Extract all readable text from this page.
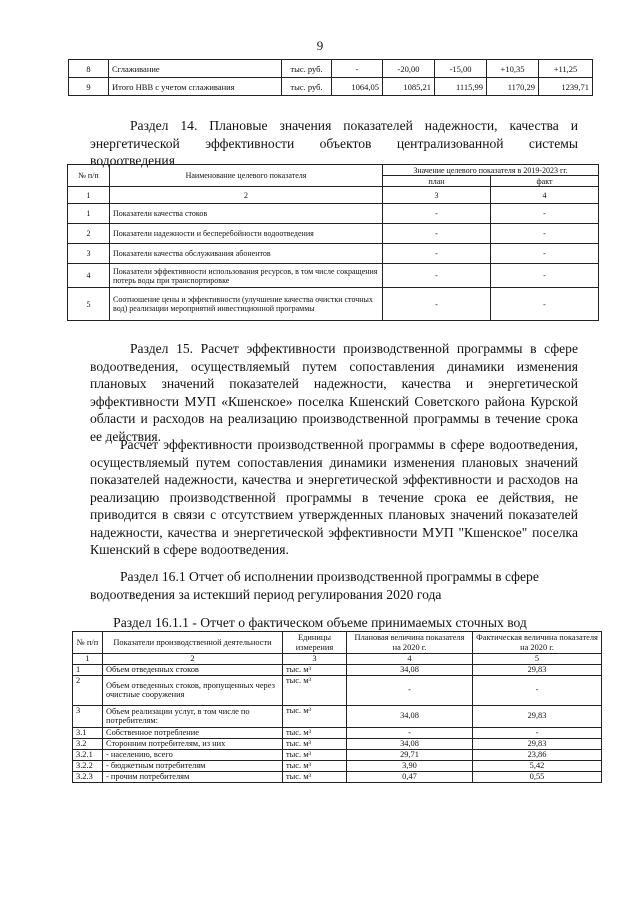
9
8	Сглаживание	тыс. руб.	-	-20,00	-15,00	+10,35	+11,25
9	Итого НВВ с учетом сглаживания	тыс. руб.	1064,05	1085,21	1115,99	1170,29	1239,71
Раздел 14. Плановые значения показателей надежности, качества и энергетической эффективности объектов централизованной системы водоотведения
№ п/п	Наименование целевого показателя	Значение целевого показателя в 2019-2023 гг.	
		план	факт
1	2	3	4
1	Показатели качества стоков	-	-
2	Показатели надежности и бесперебойности водоотведения	-	-
3	Показатели качества обслуживания абонентов	-	-
4	Показатели эффективности использования ресурсов, в том числе сокращения потерь воды при транспортировке	-	-
5	Соотношение цены и эффективности (улучшение качества очистки сточных вод) реализации мероприятий инвестиционной программы	-	-
Раздел 15. Расчет эффективности производственной программы в сфере водоотведения, осуществляемый путем сопоставления динамики изменения плановых значений показателей надежности, качества и энергетической эффективности МУП «Кшенское» поселка Кшенский Советского района Курской области и расходов на реализацию производственной программы в течение срока ее действия.
Расчет эффективности производственной программы в сфере водоотведения, осуществляемый путем сопоставления динамики изменения плановых значений показателей надежности, качества и энергетической эффективности и расходов на реализацию производственной программы в течение срока ее действия, не приводится в связи с отсутствием утвержденных плановых значений показателей надежности, качества и энергетической эффективности МУП "Кшенское" поселка Кшенский в сфере водоотведения.
Раздел 16.1 Отчет об исполнении производственной программы в сфере водоотведения за истекший период регулирования 2020 года
Раздел 16.1.1 - Отчет о фактическом объеме принимаемых сточных вод
№ п/п	Показатели производственной деятельности	Единицы измерения	Плановая величина показателя на 2020 г.	Фактическая величина показателя на 2020 г.
1	2	3	4	5
1	Объем отведенных стоков	тыс. м³	34,08	29,83
2	Объем отведенных стоков, пропущенных через очистные сооружения	тыс. м³	-	-
3	Объем реализации услуг, в том числе по потребителям:	тыс. м³	34,08	29,83
3.1	Собственное потребление	тыс. м³	-	-
3.2	Сторонним потребителям, из них	тыс. м³	34,08	29,83
3.2.1	- населению, всего	тыс. м³	29,71	23,86
3.2.2	- бюджетным потребителям	тыс. м³	3,90	5,42
3.2.3	- прочим потребителям	тыс. м³	0,47	0,55
